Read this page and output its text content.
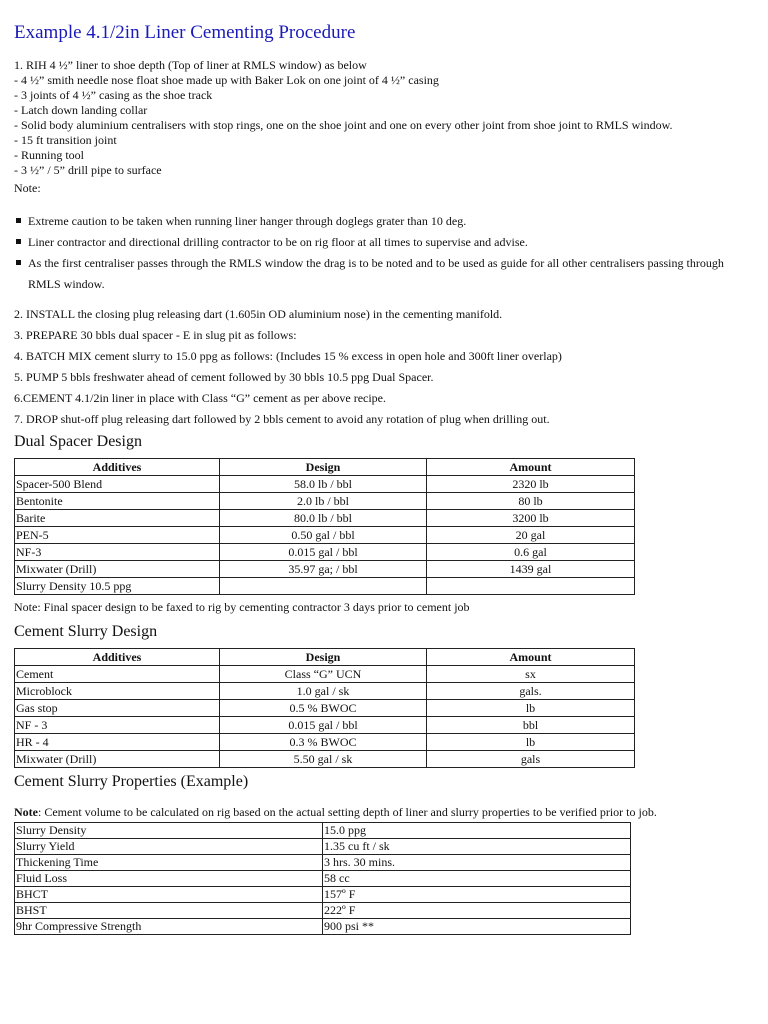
Example 4.1/2in Liner Cementing Procedure
1. RIH 4 ½” liner to shoe depth (Top of liner at RMLS window) as below
- 4 ½” smith needle nose float shoe made up with Baker Lok on one joint of 4 ½” casing
- 3 joints of 4 ½” casing as the shoe track
- Latch down landing collar
- Solid body aluminium centralisers with stop rings, one on the shoe joint and one on every other joint from shoe joint to RMLS window.
- 15 ft transition joint
- Running tool
- 3 ½” / 5” drill pipe to surface
Note:
Extreme caution to be taken when running liner hanger through doglegs grater than 10 deg.
Liner contractor and directional drilling contractor to be on rig floor at all times to supervise and advise.
As the first centraliser passes through the RMLS window the drag is to be noted and to be used as guide for all other centralisers passing through RMLS window.
2. INSTALL the closing plug releasing dart (1.605in OD aluminium nose) in the cementing manifold.
3. PREPARE 30 bbls dual spacer - E in slug pit as follows:
4. BATCH MIX cement slurry to 15.0 ppg as follows: (Includes 15 % excess in open hole and 300ft liner overlap)
5. PUMP 5 bbls freshwater ahead of cement followed by 30 bbls 10.5 ppg Dual Spacer.
6.CEMENT 4.1/2in liner in place with Class “G” cement as per above recipe.
7. DROP shut-off plug releasing dart followed by 2 bbls cement to avoid any rotation of plug when drilling out.
Dual Spacer Design
Additives	Design	Amount
Spacer-500 Blend	58.0 lb / bbl	2320 lb
Bentonite	2.0 lb / bbl	80 lb
Barite	80.0 lb / bbl	3200 lb
PEN-5	0.50 gal / bbl	20 gal
NF-3	0.015 gal / bbl	0.6 gal
Mixwater (Drill)	35.97 ga; / bbl	1439 gal
Slurry Density 10.5 ppg		
Note: Final spacer design to be faxed to rig by cementing contractor 3 days prior to cement job
Cement Slurry Design
Additives	Design	Amount
Cement	Class “G” UCN	sx
Microblock	1.0 gal / sk	gals.
Gas stop	0.5 % BWOC	lb
NF - 3	0.015 gal / bbl	bbl
HR - 4	0.3 % BWOC	lb
Mixwater (Drill)	5.50 gal / sk	gals
Cement Slurry Properties (Example)
Note: Cement volume to be calculated on rig based on the actual setting depth of liner and slurry properties to be verified prior to job.
Slurry Density	15.0 ppg
Slurry Yield	1.35 cu ft / sk
Thickening Time	3 hrs. 30 mins.
Fluid Loss	58 cc
BHCT	157º F
BHST	222º F
9hr Compressive Strength	900 psi **
